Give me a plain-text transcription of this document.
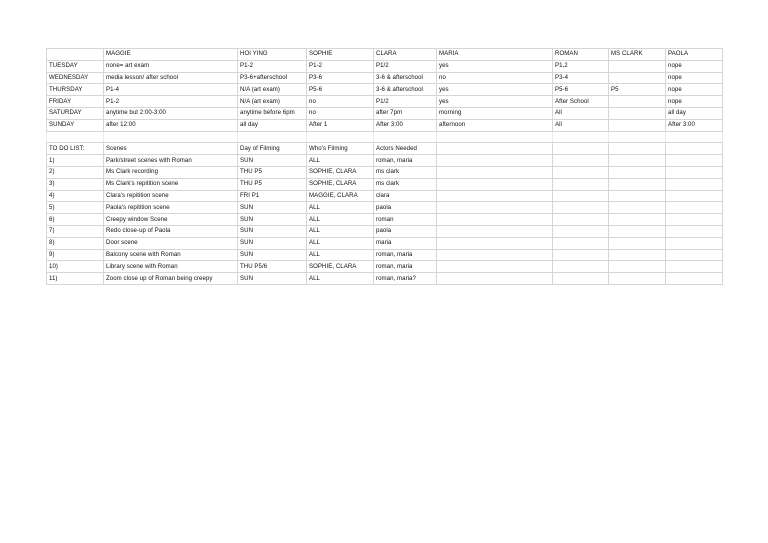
	MAGGIE	HOI YING	SOPHIE	CLARA	MARIA	ROMAN	MS CLARK	PAOLA
TUESDAY	none= art exam	P1-2	P1-2	P1/2	yes	P1,2		nope
WEDNESDAY	media lesson/ after school	P3-6+afterschool	P3-6	3-6 & afterschool	no	P3-4		nope
THURSDAY	P1-4	N/A (art exam)	P5-6	3-6 & afterschool	yes	P5-6	P5	nope
FRIDAY	P1-2	N/A (art exam)	no	P1/2	yes	After School		nope
SATURDAY	anytime but 2:00-3:00	anytime before 6pm	no	after 7pm	morning	All		all day
SUNDAY	after 12:00	all day	After 1	After 3:00	afternoon	All		After 3:00

TO DO LIST:	Scenes	Day of Filming	Who's Filming	Actors Needed				
1)	Park/street scenes with Roman	SUN	ALL	roman, maria				
2)	Ms Clark recording	THU P5	SOPHIE, CLARA	ms clark				
3)	Ms Clark's repitition scene	THU P5	SOPHIE, CLARA	ms clark				
4)	Clara's repitition scene	FRI P1	MAGGIE, CLARA	clara				
5)	Paola's repitition scene	SUN	ALL	paola				
6)	Creepy window Scene	SUN	ALL	roman				
7)	Redo close-up of Paola	SUN	ALL	paola				
8)	Door scene	SUN	ALL	maria				
9)	Balcony scene with Roman	SUN	ALL	roman, maria				
10)	Library scene with Roman	THU P5/6	SOPHIE, CLARA	roman, maria				
11)	Zoom close up of Roman being creepy	SUN	ALL	roman, maria?				
